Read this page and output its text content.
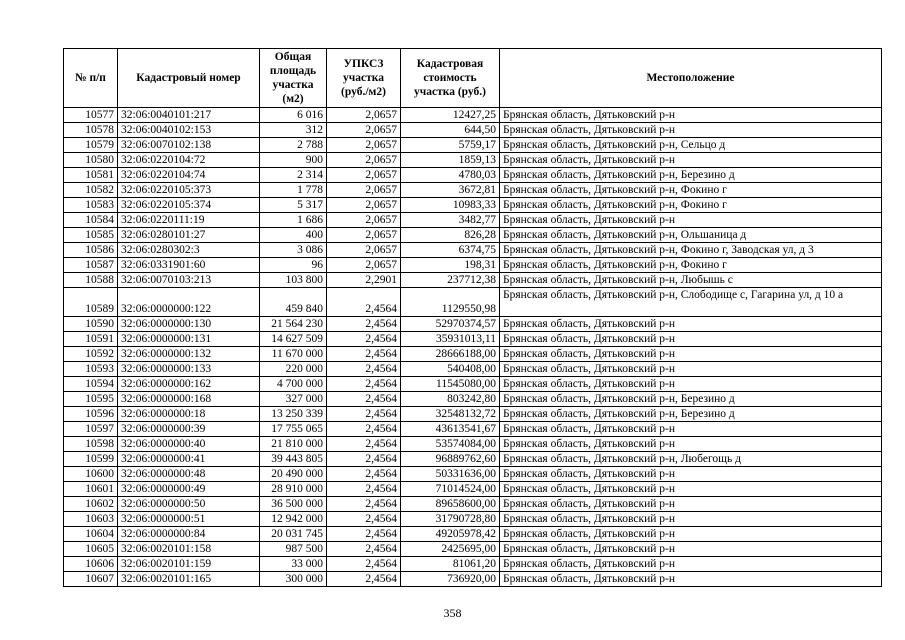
№ п/п	Кадастровый номер	Общая площадь участка (м2)	УПКСЗ участка (руб./м2)	Кадастровая стоимость участка (руб.)	Местоположение
10577	32:06:0040101:217	6 016	2,0657	12427,25	Брянская область, Дятьковский р-н
10578	32:06:0040102:153	312	2,0657	644,50	Брянская область, Дятьковский р-н
10579	32:06:0070102:138	2 788	2,0657	5759,17	Брянская область, Дятьковский р-н, Сельцо д
10580	32:06:0220104:72	900	2,0657	1859,13	Брянская область, Дятьковский р-н
10581	32:06:0220104:74	2 314	2,0657	4780,03	Брянская область, Дятьковский р-н, Березино д
10582	32:06:0220105:373	1 778	2,0657	3672,81	Брянская область, Дятьковский р-н, Фокино г
10583	32:06:0220105:374	5 317	2,0657	10983,33	Брянская область, Дятьковский р-н, Фокино г
10584	32:06:0220111:19	1 686	2,0657	3482,77	Брянская область, Дятьковский р-н
10585	32:06:0280101:27	400	2,0657	826,28	Брянская область, Дятьковский р-н, Ольшаница д
10586	32:06:0280302:3	3 086	2,0657	6374,75	Брянская область, Дятьковский р-н, Фокино г, Заводская ул, д 3
10587	32:06:0331901:60	96	2,0657	198,31	Брянская область, Дятьковский р-н, Фокино г
10588	32:06:0070103:213	103 800	2,2901	237712,38	Брянская область, Дятьковский р-н, Любышь с
10589	32:06:0000000:122	459 840	2,4564	1129550,98	Брянская область, Дятьковский р-н, Слободище с, Гагарина ул, д 10 а
10590	32:06:0000000:130	21 564 230	2,4564	52970374,57	Брянская область, Дятьковский р-н
10591	32:06:0000000:131	14 627 509	2,4564	35931013,11	Брянская область, Дятьковский р-н
10592	32:06:0000000:132	11 670 000	2,4564	28666188,00	Брянская область, Дятьковский р-н
10593	32:06:0000000:133	220 000	2,4564	540408,00	Брянская область, Дятьковский р-н
10594	32:06:0000000:162	4 700 000	2,4564	11545080,00	Брянская область, Дятьковский р-н
10595	32:06:0000000:168	327 000	2,4564	803242,80	Брянская область, Дятьковский р-н, Березино д
10596	32:06:0000000:18	13 250 339	2,4564	32548132,72	Брянская область, Дятьковский р-н, Березино д
10597	32:06:0000000:39	17 755 065	2,4564	43613541,67	Брянская область, Дятьковский р-н
10598	32:06:0000000:40	21 810 000	2,4564	53574084,00	Брянская область, Дятьковский р-н
10599	32:06:0000000:41	39 443 805	2,4564	96889762,60	Брянская область, Дятьковский р-н, Любегощь д
10600	32:06:0000000:48	20 490 000	2,4564	50331636,00	Брянская область, Дятьковский р-н
10601	32:06:0000000:49	28 910 000	2,4564	71014524,00	Брянская область, Дятьковский р-н
10602	32:06:0000000:50	36 500 000	2,4564	89658600,00	Брянская область, Дятьковский р-н
10603	32:06:0000000:51	12 942 000	2,4564	31790728,80	Брянская область, Дятьковский р-н
10604	32:06:0000000:84	20 031 745	2,4564	49205978,42	Брянская область, Дятьковский р-н
10605	32:06:0020101:158	987 500	2,4564	2425695,00	Брянская область, Дятьковский р-н
10606	32:06:0020101:159	33 000	2,4564	81061,20	Брянская область, Дятьковский р-н
10607	32:06:0020101:165	300 000	2,4564	736920,00	Брянская область, Дятьковский р-н
358
